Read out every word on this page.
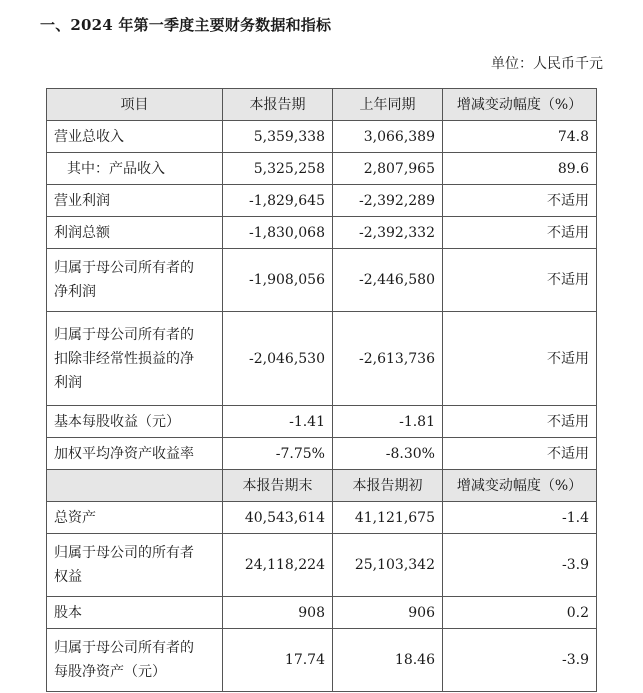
一、2024 年第一季度主要财务数据和指标
单位：人民币千元
项目	本报告期	上年同期	增减变动幅度（%）
营业总收入	5,359,338	3,066,389	74.8
其中：产品收入	5,325,258	2,807,965	89.6
营业利润	-1,829,645	-2,392,289	不适用
利润总额	-1,830,068	-2,392,332	不适用

归属于母公司所有者的
净利润	-1,908,056	-2,446,580	不适用

归属于母公司所有者的
扣除非经常性损益的净
利润	-2,046,530	-2,613,736	不适用
基本每股收益（元）	-1.41	-1.81	不适用
加权平均净资产收益率	-7.75%	-8.30%	不适用
	本报告期末	本报告期初	增减变动幅度（%）
总资产	40,543,614	41,121,675	-1.4

归属于母公司的所有者
权益	24,118,224	25,103,342	-3.9
股本	908	906	0.2

归属于母公司所有者的
每股净资产（元）	17.74	18.46	-3.9
